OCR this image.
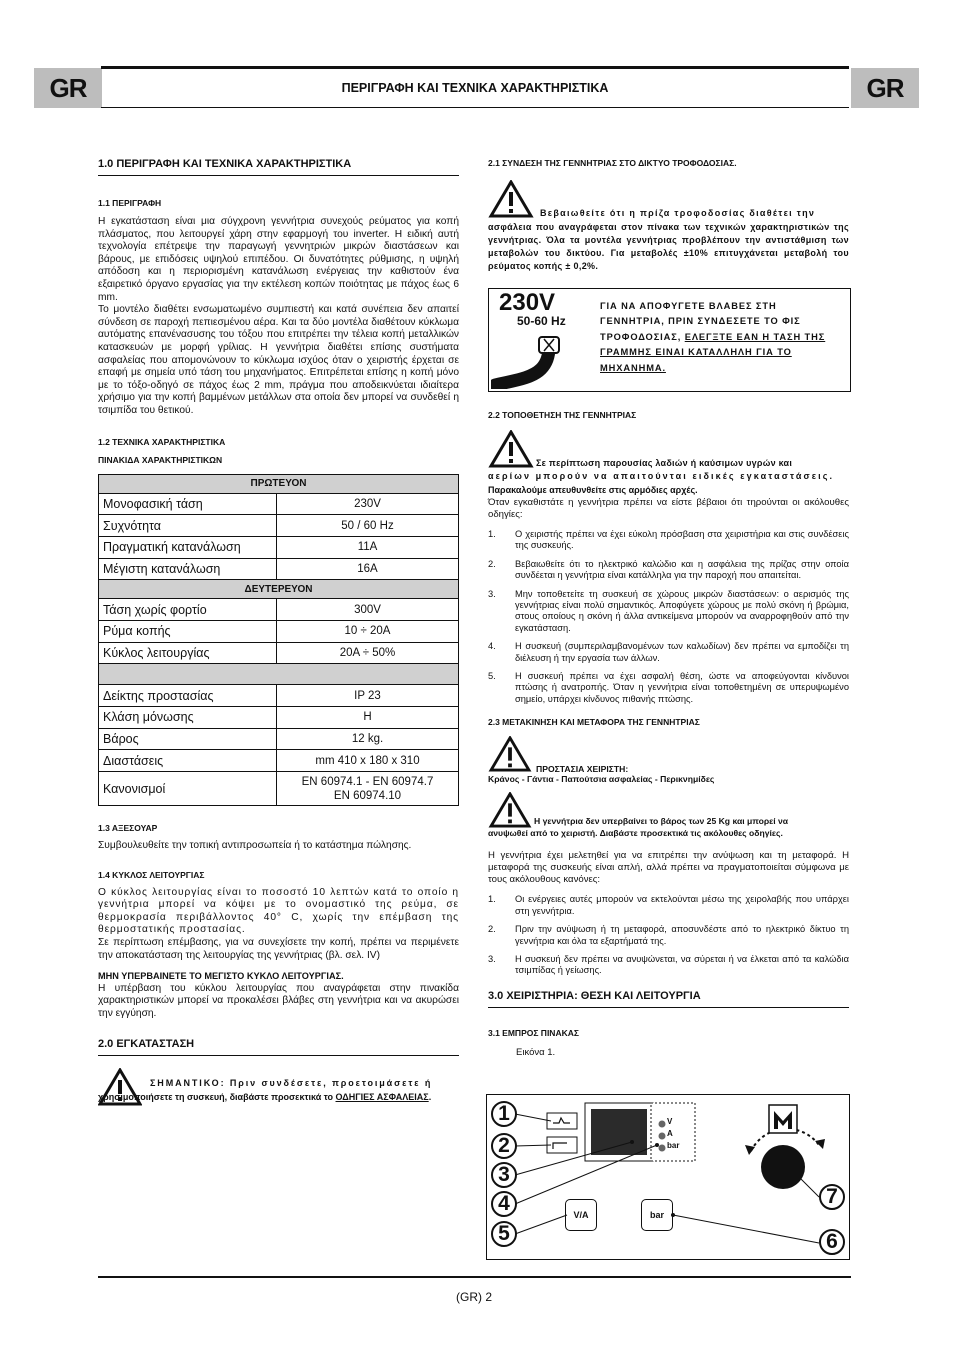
GR	ΠΕΡΙΓΡΑΦΗ ΚΑΙ ΤΕΧΝΙΚΑ ΧΑΡΑΚΤΗΡΙΣΤΙΚΑ	GR
1.0 ΠΕΡΙΓΡΑΦΗ ΚΑΙ ΤΕΧΝΙΚΑ ΧΑΡΑΚΤΗΡΙΣΤΙΚΑ
1.1 ΠΕΡΙΓΡΑΦΗ
Η εγκατάσταση είναι μια σύγχρονη γεννήτρια συνεχούς ρεύματος για κοπή πλάσματος, που λειτουργεί χάρη στην εφαρμογή του inverter. Η ειδική αυτή τεχνολογία επέτρεψε την παραγωγή γεννητριών μικρών διαστάσεων και βάρους, με επιδόσεις υψηλού επιπέδου. Οι δυνατότητες ρύθμισης, η υψηλή απόδοση και η περιορισμένη κατανάλωση ενέργειας την καθιστούν ένα εξαιρετικό όργανο εργασίας για την εκτέλεση κοπών ποιότητας με πάχος έως 6 mm.
Το μοντέλο διαθέτει ενσωματωμένο συμπιεστή και κατά συνέπεια δεν απαιτεί σύνδεση σε παροχή πεπιεσμένου αέρα. Και τα δύο μοντέλα διαθέτουν κύκλωμα αυτόματης επανένασυσης του τόξου που επιτρέπει την τέλεια κοπή μεταλλικών κατασκευών με μορφή γρίλιας. Η γεννήτρια διαθέτει επίσης συστήματα ασφαλείας που απομονώνουν το κύκλωμα ισχύος όταν ο χειριστής έρχεται σε επαφή με σημεία υπό τάση του μηχανήματος. Επιτρέπεται επίσης η κοπή μόνο με το τόξο-οδηγό σε πάχος έως 2 mm, πράγμα που αποδεικνύεται ιδιαίτερα χρήσιμο για την κοπή βαμμένων μετάλλων στα οποία δεν μπορεί να συνδεθεί η τσιμπίδα του θετικού.
1.2 ΤΕΧΝΙΚΑ ΧΑΡΑΚΤΗΡΙΣΤΙΚΑ
ΠΙΝΑΚΙΔΑ ΧΑΡΑΚΤΗΡΙΣΤΙΚΩΝ
ΠΡΩΤΕΥΟΝ	
Μονοφασική τάση	230V
Συχνότητα	50 / 60 Hz
Πραγματική κατανάλωση	11A
Μέγιστη κατανάλωση	16A
ΔΕΥΤΕΡΕΥΟΝ	
Τάση χωρίς φορτίο	300V
Ρύμα κοπής	10 ÷ 20A
Κύκλος λειτουργίας	20A ÷ 50%

Δείκτης προστασίας	IP 23
Κλάση μόνωσης	H
Βάρος	12 kg.
Διαστάσεις	mm 410 x 180 x 310
Κανονισμοί	EN 60974.1 - EN 60974.7
EN 60974.10
1.3 ΑΞΕΣΟΥΑΡ
Συμβουλευθείτε την τοπική αντιπροσωπεία ή το κατάστημα πώλησης.
1.4 ΚΥΚΛΟΣ ΛΕΙΤΟΥΡΓΙΑΣ
Ο κύκλος λειτουργίας είναι το ποσοστό 10 λεπτών κατά το οποίο η γεννήτρια μπορεί να κόψει με το ονομαστικό της ρεύμα, σε θερμοκρασία περιβάλλοντος 40° C, χωρίς την επέμβαση της θερμοστατικής προστασίας.
Σε περίπτωση επέμβασης, για να συνεχίσετε την κοπή, πρέπει να περιμένετε την αποκατάσταση της λειτουργίας της γεννήτριας (βλ. σελ. IV)
ΜΗΝ ΥΠΕΡΒΑΙΝΕΤΕ ΤΟ ΜΕΓΙΣΤΟ ΚΥΚΛΟ ΛΕΙΤΟΥΡΓΙΑΣ.
Η υπέρβαση του κύκλου λειτουργίας που αναγράφεται στην πινακίδα χαρακτηριστικών μπορεί να προκαλέσει βλάβες στη γεννήτρια και να ακυρώσει την εγγύηση.
2.0 ΕΓΚΑΤΑΣΤΑΣΗ
ΣΗΜΑΝΤΙΚΟ: Πριν συνδέσετε, προετοιμάσετε ή
χρησιμοποιήσετε τη συσκευή, διαβάστε προσεκτικά το ΟΔΗΓΙΕΣ ΑΣΦΑΛΕΙΑΣ.
2.1 ΣΥΝΔΕΣΗ ΤΗΣ ΓΕΝΝΗΤΡΙΑΣ ΣΤΟ ΔΙΚΤΥΟ ΤΡΟΦΟΔΟΣΙΑΣ.
Βεβαιωθείτε ότι η πρίζα τροφοδοσίας διαθέτει την
ασφάλεια που αναγράφεται στον πίνακα των τεχνικών χαρακτηριστικών της γεννήτριας. Όλα τα μοντέλα γεννήτριας προβλέπουν την αντιστάθμιση των μεταβολών του δικτύου. Για μεταβολές ±10% επιτυγχάνεται μεταβολή του ρεύματος κοπής ± 0,2%.
230V
50-60 Hz
ΓΙΑ ΝΑ ΑΠΟΦΥΓΕΤΕ ΒΛΑΒΕΣ ΣΤΗ ΓΕΝΝΗΤΡΙΑ, ΠΡΙΝ ΣΥΝΔΕΣΕΤΕ ΤΟ ΦΙΣ ΤΡΟΦΟΔΟΣΙΑΣ, ΕΛΕΓΞΤΕ ΕΑΝ Η ΤΑΣΗ ΤΗΣ ΓΡΑΜΜΗΣ ΕΙΝΑΙ ΚΑΤΑΛΛΗΛΗ ΓΙΑ ΤΟ ΜΗΧΑΝΗΜΑ.
2.2 ΤΟΠΟΘΕΤΗΣΗ ΤΗΣ ΓΕΝΝΗΤΡΙΑΣ
Σε περίπτωση παρουσίας λαδιών ή καύσιμων υγρών και
αερίων μπορούν να απαιτούνται ειδικές εγκαταστάσεις.
Παρακαλούμε απευθυνθείτε στις αρμόδιες αρχές.
Όταν εγκαθιστάτε η γεννήτρια πρέπει να είστε βέβαιοι ότι τηρούνται οι ακόλουθες οδηγίες:
1. Ο χειριστής πρέπει να έχει εύκολη πρόσβαση στα χειριστήρια και στις συνδέσεις της συσκευής.
2. Βεβαιωθείτε ότι το ηλεκτρικό καλώδιο και η ασφάλεια της πρίζας στην οποία συνδέεται η γεννήτρια είναι κατάλληλα για την παροχή που απαιτείται.
3. Μην τοποθετείτε τη συσκευή σε χώρους μικρών διαστάσεων: ο αερισμός της γεννήτριας είναι πολύ σημαντικός. Αποφύγετε χώρους με πολύ σκόνη ή βρώμια, στους οποίους η σκόνη ή άλλα αντικείμενα μπορούν να αναρροφηθούν από την εγκατάσταση.
4. Η συσκευή (συμπεριλαμβανομένων των καλωδίων) δεν πρέπει να εμποδίζει τη διέλευση ή την εργασία των άλλων.
5. Η συσκευή πρέπει να έχει ασφαλή θέση, ώστε να αποφεύγονται κίνδυνοι πτώσης ή ανατροπής. Όταν η γεννήτρια είναι τοποθετημένη σε υπερυψωμένο σημείο, υπάρχει κίνδυνος πιθανής πτώσης.
2.3 ΜΕΤΑΚΙΝΗΣΗ ΚΑΙ ΜΕΤΑΦΟΡΑ ΤΗΣ ΓΕΝΝΗΤΡΙΑΣ
ΠΡΟΣΤΑΣΙΑ ΧΕΙΡΙΣΤΗ:
Κράνος - Γάντια - Παπούτσια ασφαλείας - Περικνημίδες
Η γεννήτρια δεν υπερβαίνει το βάρος των 25 Kg και μπορεί να
ανυψωθεί από το χειριστή. Διαβάστε προσεκτικά τις ακόλουθες οδηγίες.
Η γεννήτρια έχει μελετηθεί για να επιτρέπει την ανύψωση και τη μεταφορά. Η μεταφορά της συσκευής είναι απλή, αλλά πρέπει να πραγματοποιείται σύμφωνα με τους ακόλουθους κανόνες:
1. Οι ενέργειες αυτές μπορούν να εκτελούνται μέσω της χειρολαβής που υπάρχει στη γεννήτρια.
2. Πριν την ανύψωση ή τη μεταφορά, αποσυνδέστε από το ηλεκτρικό δίκτυο τη γεννήτρια και όλα τα εξαρτήματά της.
3. Η συσκευή δεν πρέπει να ανυψώνεται, να σύρεται ή να έλκεται από τα καλώδια τσιμπίδας ή γείωσης.
3.0 ΧΕΙΡΙΣΤΗΡΙΑ: ΘΕΣΗ ΚΑΙ ΛΕΙΤΟΥΡΓΙΑ
3.1 ΕΜΠΡΟΣ ΠΙΝΑΚΑΣ
Εικόνα 1.
V
A
bar
V/A	bar
1
2
3
4
5	6
7
(GR) 2
